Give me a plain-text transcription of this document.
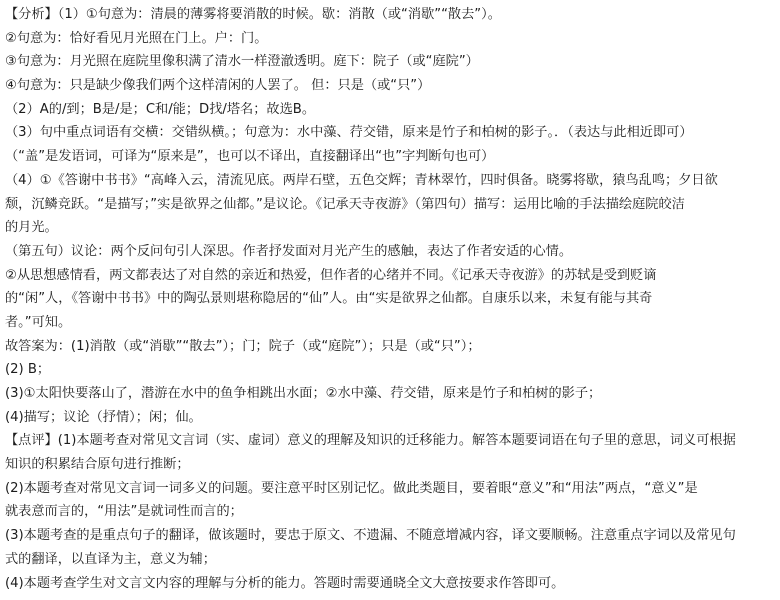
【分析】（1）①句意为：清晨的薄雾将要消散的时候。歇：消散（或“消歇”“散去”）。
②句意为：恰好看见月光照在门上。户：门。
③句意为：月光照在庭院里像积满了清水一样澄澈透明。庭下：院子（或“庭院”）
④句意为：只是缺少像我们两个这样清闲的人罢了。 但：只是（或“只”）
（2）A的/到；B是/是；C和/能；D找/塔名；故选B。
（3）句中重点词语有交横：交错纵横。；句意为：水中藻、荇交错，原来是竹子和柏树的影子。．（表达与此相近即可）
（“盖”是发语词，可译为“原来是”，也可以不译出，直接翻译出“也”字判断句也可）
（4）①《答谢中书书》“高峰入云，清流见底。两岸石壁，五色交辉；青林翠竹，四时俱备。晓雾将歇，猿鸟乱鸣；夕日欲
颓，沉鳞竞跃。“是描写；”实是欲界之仙都。”是议论。《记承天寺夜游》（第四句）描写：运用比喻的手法描绘庭院皎洁
的月光。
（第五句）议论：两个反问句引人深思。作者抒发面对月光产生的感触，表达了作者安适的心情。
②从思想感情看，两文都表达了对自然的亲近和热爱，但作者的心绪并不同。《记承天寺夜游》的苏轼是受到贬谪
的“闲”人，《答谢中书书》中的陶弘景则堪称隐居的“仙”人。由“实是欲界之仙都。自康乐以来，未复有能与其奇
者。”可知。
故答案为：(1)消散（或“消歇”“散去”）；门；院子（或“庭院”）；只是（或“只”）；
(2) B；
(3)①太阳快要落山了，潜游在水中的鱼争相跳出水面；②水中藻、荇交错，原来是竹子和柏树的影子；
(4)描写；议论（抒情）；闲；仙。
【点评】(1)本题考查对常见文言词（实、虚词）意义的理解及知识的迁移能力。解答本题要词语在句子里的意思，词义可根据
知识的积累结合原句进行推断；
(2)本题考查对常见文言词一词多义的问题。要注意平时区别记忆。做此类题目，要着眼“意义”和“用法”两点，“意义”是
就表意而言的，“用法”是就词性而言的；
(3)本题考查的是重点句子的翻译，做该题时，要忠于原文、不遗漏、不随意增减内容，译文要顺畅。注意重点字词以及常见句
式的翻译，以直译为主，意义为辅；
(4)本题考查学生对文言文内容的理解与分析的能力。答题时需要通晓全文大意按要求作答即可。
